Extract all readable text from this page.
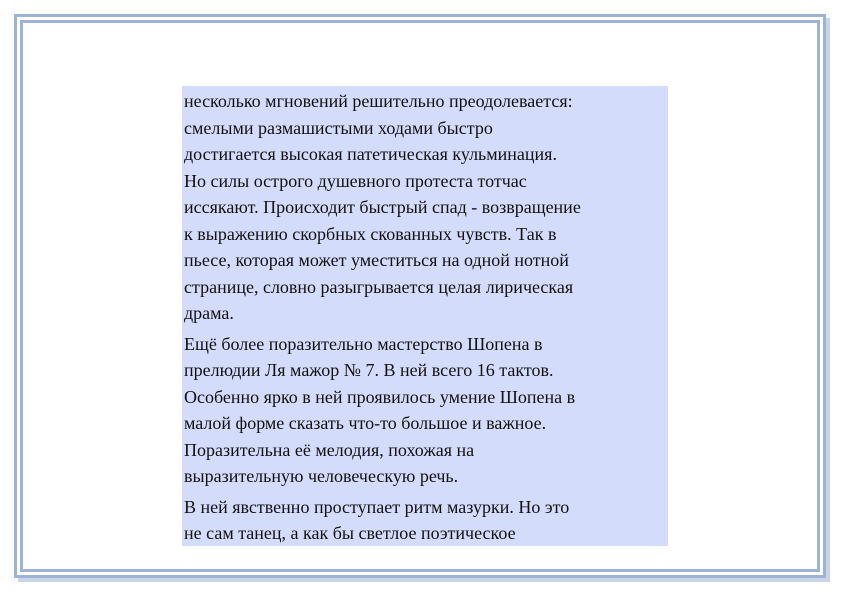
несколько мгновений решительно преодолевается:
смелыми размашистыми ходами быстро
достигается высокая патетическая кульминация.
Но силы острого душевного протеста тотчас
иссякают. Происходит быстрый спад - возвращение
к выражению скорбных скованных чувств. Так в
пьесе, которая может уместиться на одной нотной
странице, словно разыгрывается целая лирическая
драма.

Ещё более поразительно мастерство Шопена в
прелюдии Ля мажор № 7. В ней всего 16 тактов.
Особенно ярко в ней проявилось умение Шопена в
малой форме сказать что-то большое и важное.
Поразительна её мелодия, похожая на
выразительную человеческую речь.

В ней явственно проступает ритм мазурки. Но это
не сам танец, а как бы светлое поэтическое
